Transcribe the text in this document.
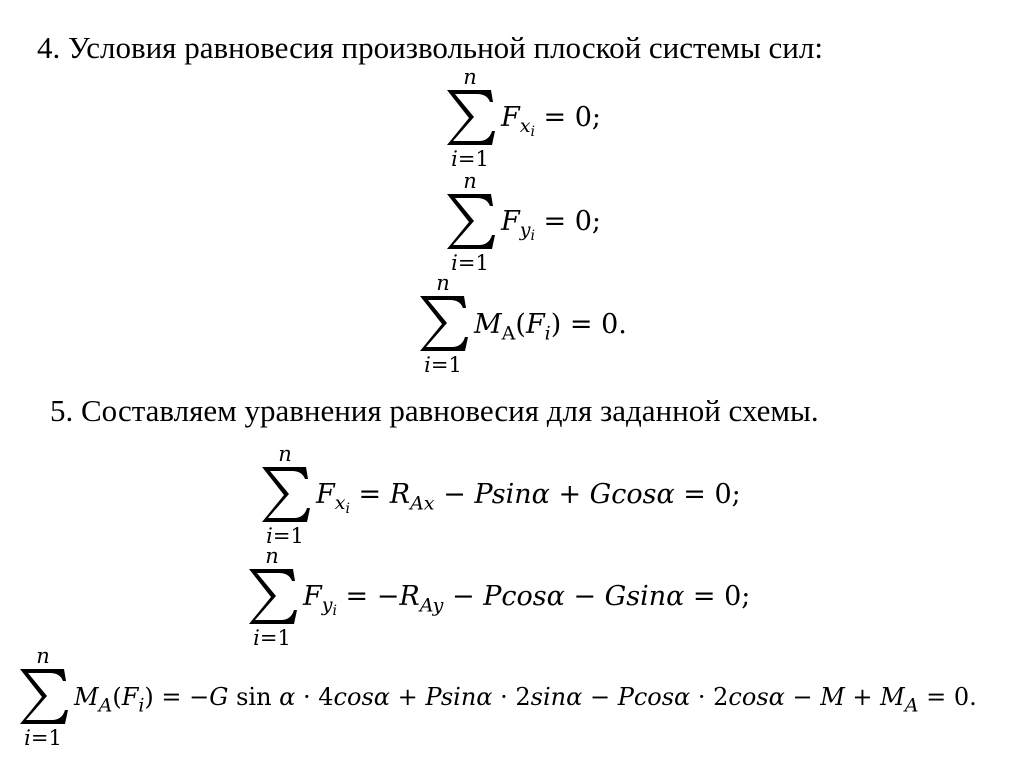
4. Условия равновесия произвольной плоской системы сил:
n
i=1
$F_{x_i} = 0$;
n
i=1
$F_{y_i} = 0$;
n
i=1
$M_A(F_i) = 0$.
5. Составляем уравнения равновесия для заданной схемы.
n
i=1
$F_{x_i} = R_{Ax} - Psin\alpha + Gcos\alpha = 0$;
n
i=1
$F_{y_i} = -R_{Ay} - Pcos\alpha - Gsin\alpha = 0$;
n
i=1
$M_A(F_i) = -G$ $\sin \alpha \cdot 4\cos\alpha + Psin\alpha \cdot 2\sin\alpha - Pcos\alpha \cdot 2\cos\alpha - M + M_A = 0$.
